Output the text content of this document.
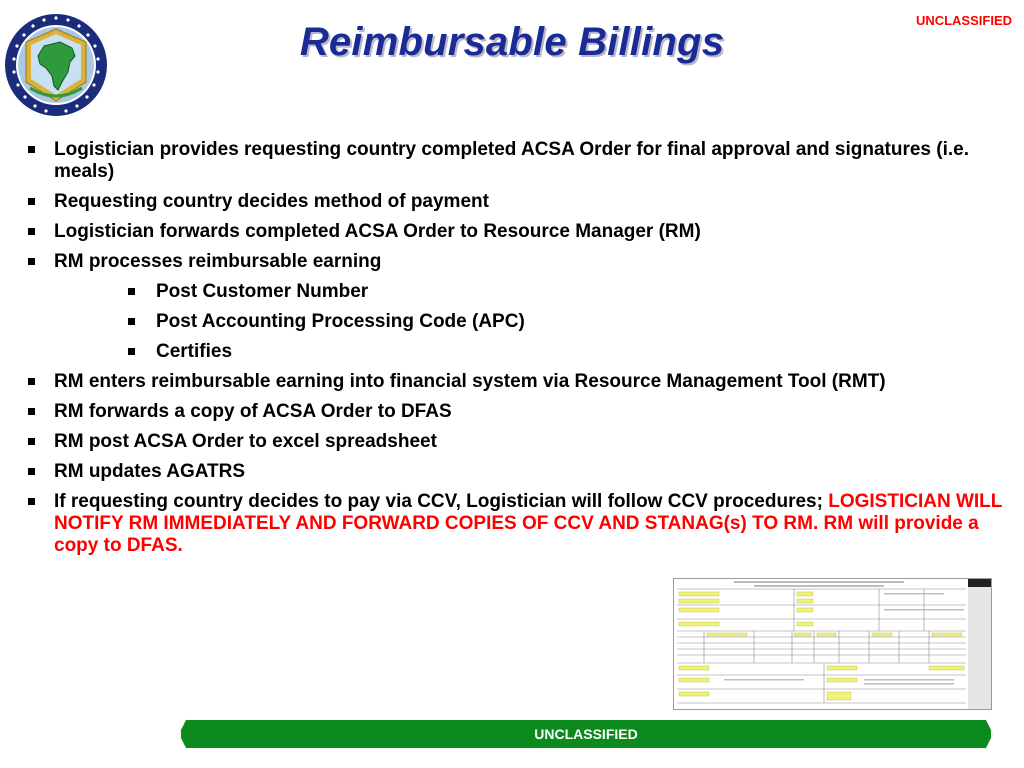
UNCLASSIFIED
Reimbursable Billings
Logistician provides requesting country completed ACSA Order for final approval and signatures (i.e. meals)
Requesting country decides method of payment
Logistician forwards completed ACSA Order to Resource Manager (RM)
RM processes reimbursable earning
Post Customer Number
Post Accounting Processing Code (APC)
Certifies
RM enters reimbursable earning into financial system via Resource Management Tool (RMT)
RM forwards a copy of ACSA Order to DFAS
RM post ACSA Order to excel spreadsheet
RM updates AGATRS
If requesting country decides to pay via CCV, Logistician will follow CCV procedures; LOGISTICIAN WILL NOTIFY RM IMMEDIATELY AND FORWARD COPIES OF CCV AND STANAG(s) TO RM. RM will provide a copy to DFAS.
UNCLASSIFIED
